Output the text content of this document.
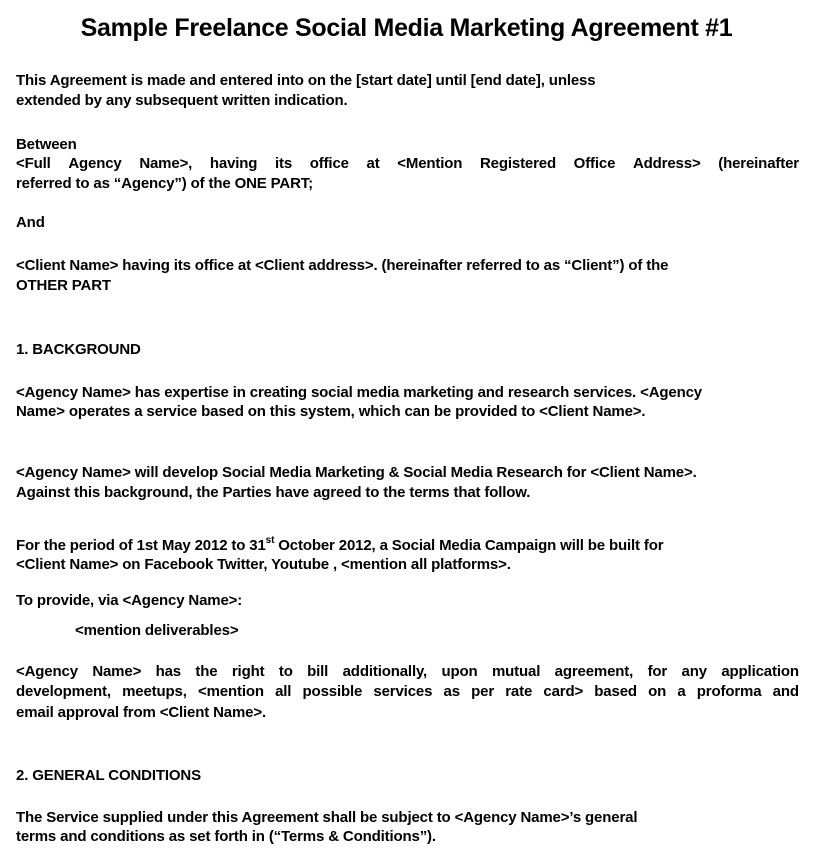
Sample Freelance Social Media Marketing Agreement #1
This Agreement is made and entered into on the [start date] until [end date], unless
extended by any subsequent written indication.
Between
<Full Agency Name>, having its office at <Mention Registered Office Address> (hereinafter
referred to as “Agency”) of the ONE PART;
And
<Client Name> having its office at <Client address>. (hereinafter referred to as “Client”) of the
OTHER PART
1. BACKGROUND
<Agency Name> has expertise in creating social media marketing and research services. <Agency
Name> operates a service based on this system, which can be provided to <Client Name>.
<Agency Name> will develop Social Media Marketing & Social Media Research for <Client Name>.
Against this background, the Parties have agreed to the terms that follow.
For the period of 1st May 2012 to 31st October 2012, a Social Media Campaign will be built for
<Client Name> on Facebook Twitter, Youtube , <mention all platforms>.
To provide, via <Agency Name>:
<mention deliverables>
<Agency Name> has the right to bill additionally, upon mutual agreement, for any application
development, meetups, <mention all possible services as per rate card> based on a proforma and
email approval from <Client Name>.
2. GENERAL CONDITIONS
The Service supplied under this Agreement shall be subject to <Agency Name>’s general
terms and conditions as set forth in (“Terms & Conditions”).
